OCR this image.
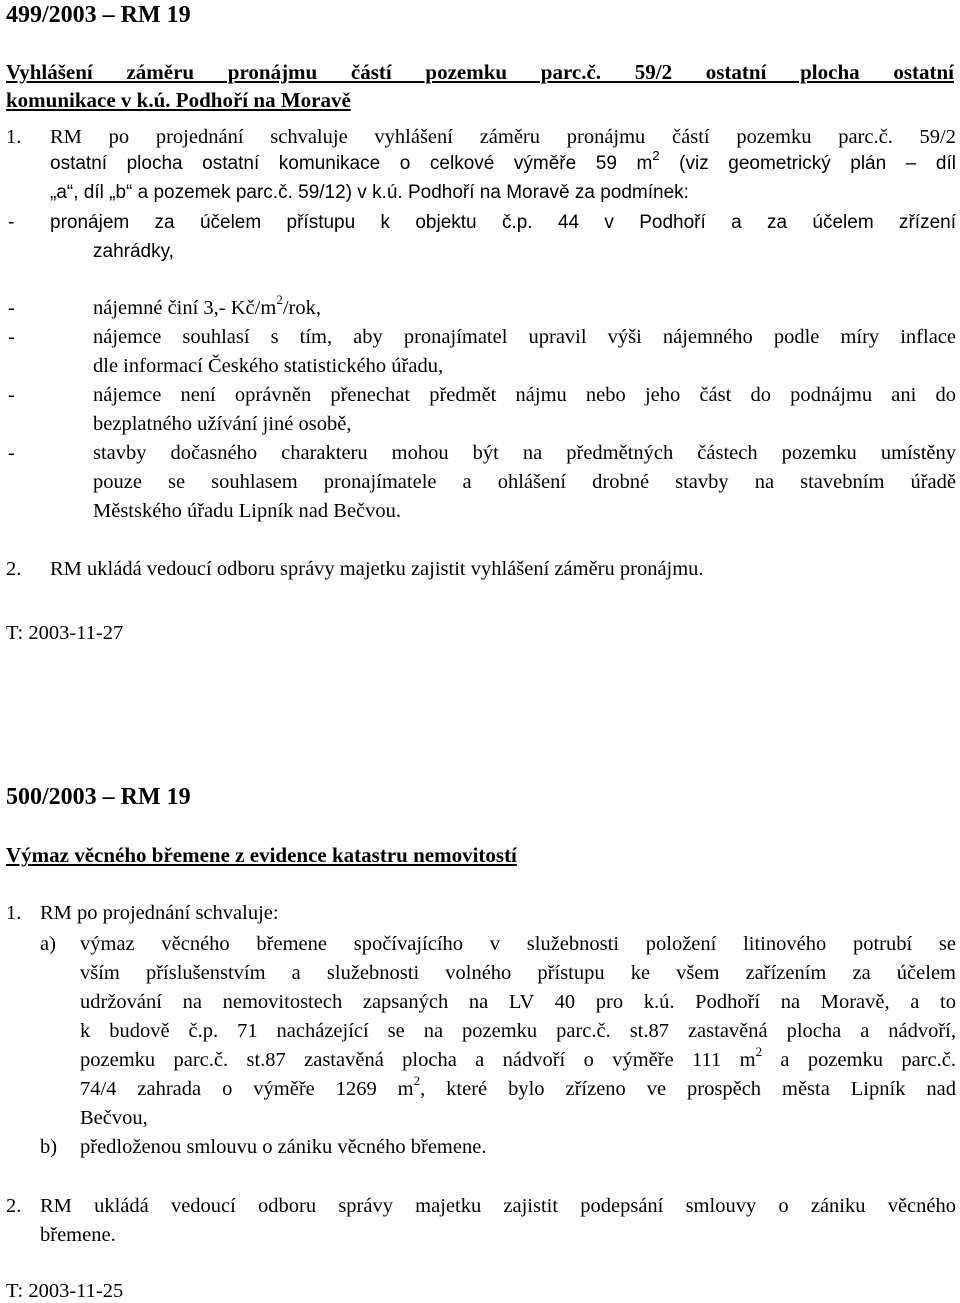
499/2003 – RM 19
Vyhlášení záměru pronájmu částí pozemku parc.č. 59/2 ostatní plocha ostatní
komunikace v k.ú. Podhoří na Moravě
1. RM po projednání schvaluje vyhlášení záměru pronájmu částí pozemku parc.č. 59/2
ostatní plocha ostatní komunikace o celkové výměře 59 $m^2$ (viz geometrický plán – díl
„a“, díl „b“ a pozemek parc.č. 59/12) v k.ú. Podhoří na Moravě za podmínek:
- pronájem za účelem přístupu k objektu č.p. 44 v Podhoří a za účelem zřízení
zahrádky,
-	nájemné činí 3,- $Kč/m^2$/rok,
-	nájemce souhlasí s tím, aby pronajímatel upravil výši nájemného podle míry inflace
dle informací Českého statistického úřadu,
-	nájemce není oprávněn přenechat předmět nájmu nebo jeho část do podnájmu ani do
bezplatného užívání jiné osobě,
-	stavby dočasného charakteru mohou být na předmětných částech pozemku umístěny
pouze se souhlasem pronajímatele a ohlášení drobné stavby na stavebním úřadě
Městského úřadu Lipník nad Bečvou.
2. RM ukládá vedoucí odboru správy majetku zajistit vyhlášení záměru pronájmu.
T: 2003-11-27
500/2003 – RM 19
Výmaz věcného břemene z evidence katastru nemovitostí
1. RM po projednání schvaluje:
a) výmaz věcného břemene spočívajícího v služebnosti položení litinového potrubí se
vším příslušenstvím a služebnosti volného přístupu ke všem zařízením za účelem
udržování na nemovitostech zapsaných na LV 40 pro k.ú. Podhoří na Moravě, a to
k budově č.p. 71 nacházející se na pozemku parc.č. st.87 zastavěná plocha a nádvoří,
pozemku parc.č. st.87 zastavěná plocha a nádvoří o výměře 111 $m^2$ a pozemku parc.č.
74/4 zahrada o výměře 1269 $m^2$, které bylo zřízeno ve prospěch města Lipník nad
Bečvou,
b) předloženou smlouvu o zániku věcného břemene.
2. RM ukládá vedoucí odboru správy majetku zajistit podepsání smlouvy o zániku věcného
břemene.
T: 2003-11-25
